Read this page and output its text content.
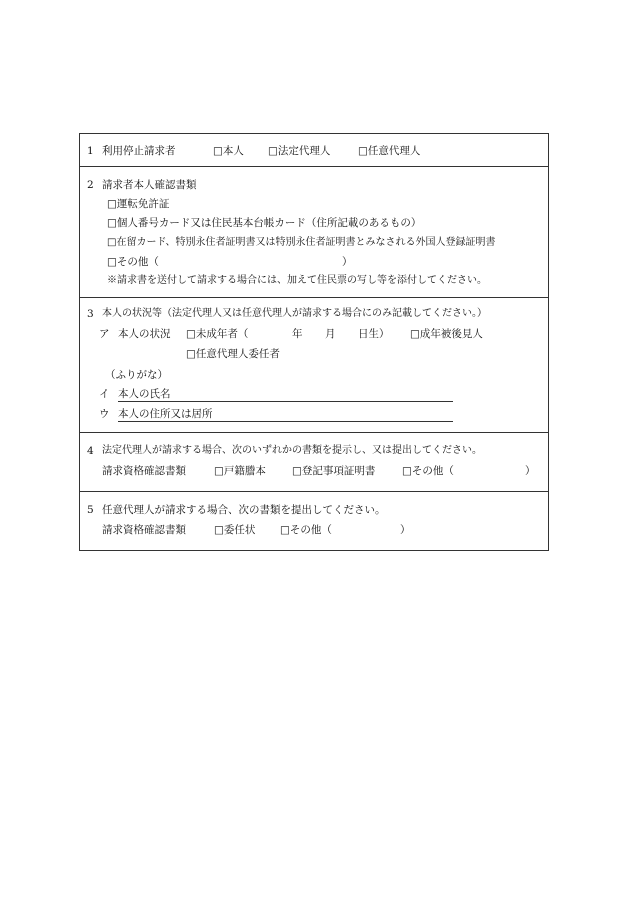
1 利用停止請求者	□本人 □法定代理人	□任意代理人
2 請求者本人確認書類
□運転免許証
□個人番号カード又は住民基本台帳カード（住所記載のあるもの）
□在留カード、特別永住者証明書又は特別永住者証明書とみなされる外国人登録証明書
□その他（	）
※請求書を送付して請求する場合には、加えて住民票の写し等を添付してください。
3 本人の状況等（法定代理人又は任意代理人が請求する場合にのみ記載してください。）
ア 本人の状況 □未成年者（	年 月 日生） □成年被後見人
□任意代理人委任者
（ふりがな）
イ 本人の氏名
ウ 本人の住所又は居所
4 法定代理人が請求する場合、次のいずれかの書類を提示し、又は提出してください。
請求資格確認書類	□戸籍謄本 □登記事項証明書	□その他（	）
5 任意代理人が請求する場合、次の書類を提出してください。
請求資格確認書類	□委任状 □その他（	）
